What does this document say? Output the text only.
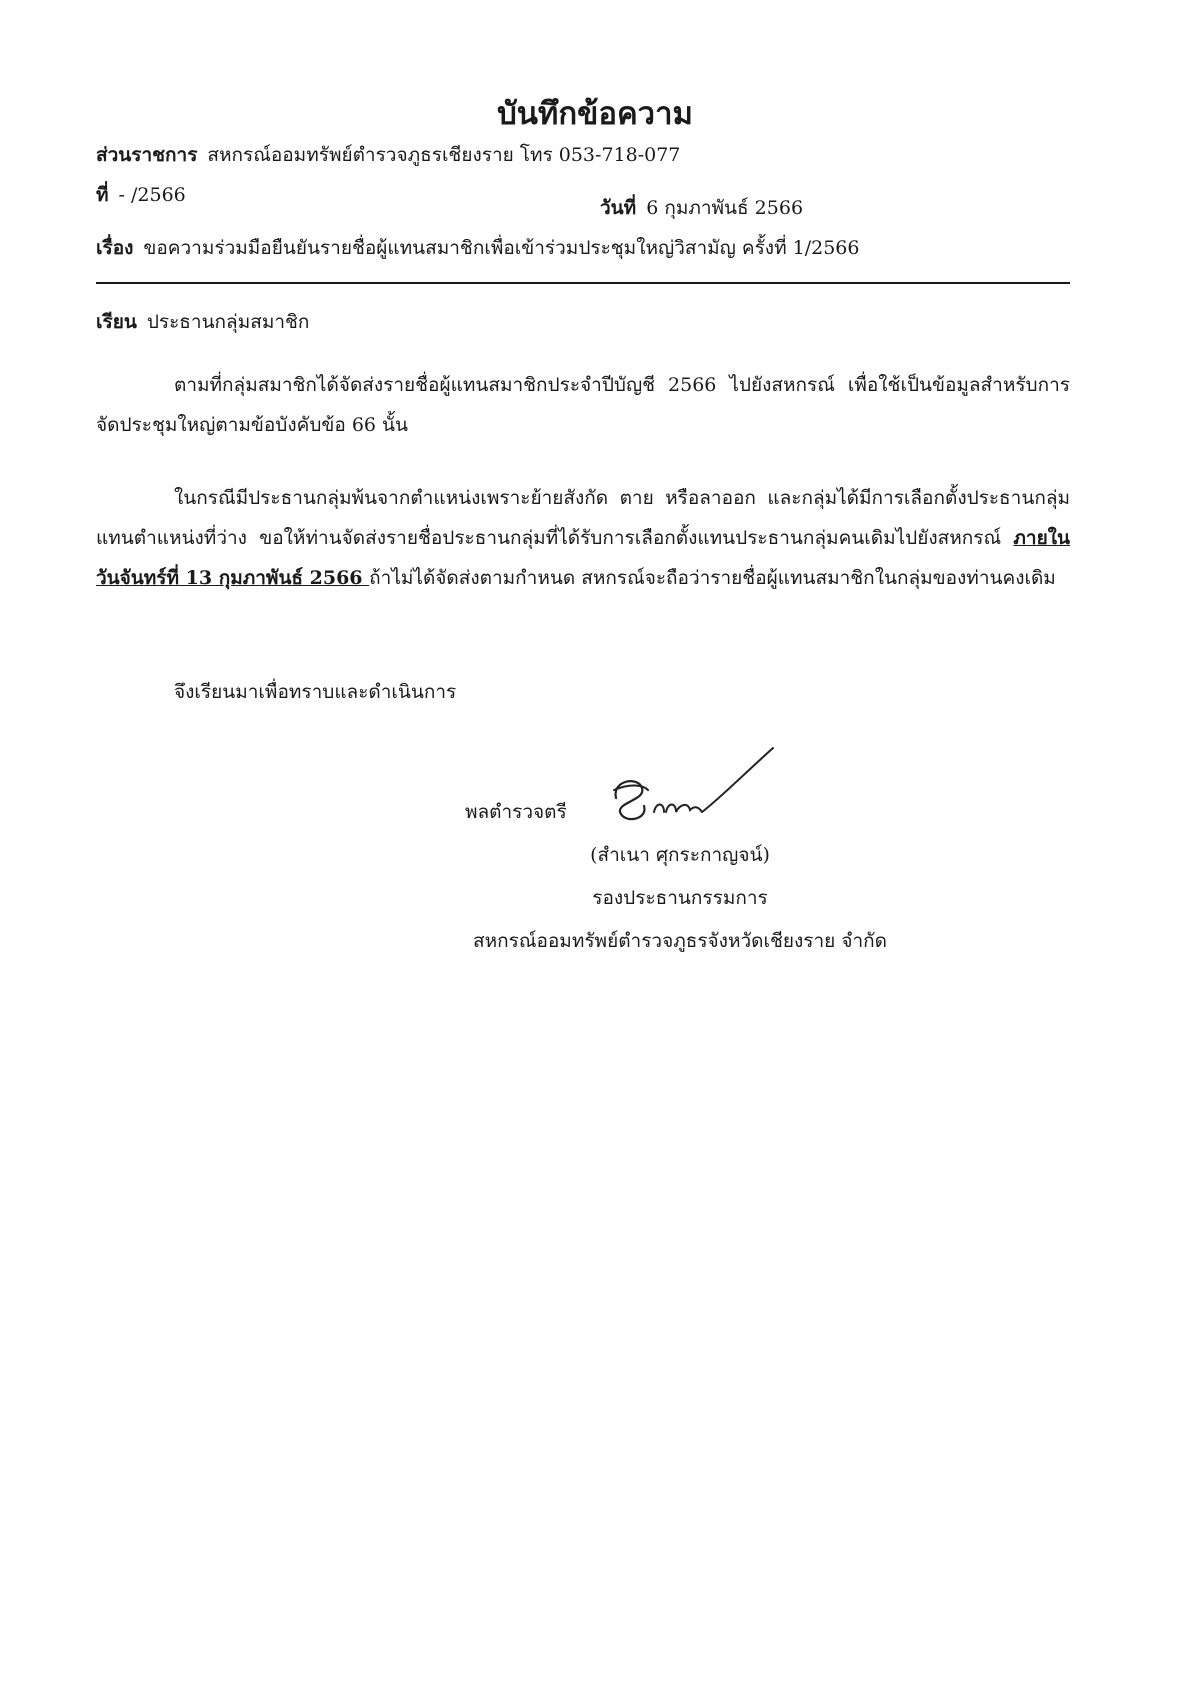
บันทึกข้อความ
ส่วนราชการ สหกรณ์ออมทรัพย์ตำรวจภูธรเชียงราย โทร 053-718-077
ที่ - /2566
วันที่ 6 กุมภาพันธ์ 2566
เรื่อง ขอความร่วมมือยืนยันรายชื่อผู้แทนสมาชิกเพื่อเข้าร่วมประชุมใหญ่วิสามัญ ครั้งที่ 1/2566
เรียน ประธานกลุ่มสมาชิก
ตามที่กลุ่มสมาชิกได้จัดส่งรายชื่อผู้แทนสมาชิกประจำปีบัญชี 2566 ไปยังสหกรณ์ เพื่อใช้เป็นข้อมูลสำหรับการจัดประชุมใหญ่ตามข้อบังคับข้อ 66 นั้น
ในกรณีมีประธานกลุ่มพ้นจากตำแหน่งเพราะย้ายสังกัด ตาย หรือลาออก และกลุ่มได้มีการเลือกตั้งประธานกลุ่มแทนตำแหน่งที่ว่าง ขอให้ท่านจัดส่งรายชื่อประธานกลุ่มที่ได้รับการเลือกตั้งแทนประธานกลุ่มคนเดิมไปยังสหกรณ์ ภายในวันจันทร์ที่ 13 กุมภาพันธ์ 2566 ถ้าไม่ได้จัดส่งตามกำหนด สหกรณ์จะถือว่ารายชื่อผู้แทนสมาชิกในกลุ่มของท่านคงเดิม
จึงเรียนมาเพื่อทราบและดำเนินการ
พลตำรวจตรี
(สำเนา ศุกระกาญจน์)
รองประธานกรรมการ
สหกรณ์ออมทรัพย์ตำรวจภูธรจังหวัดเชียงราย จำกัด
